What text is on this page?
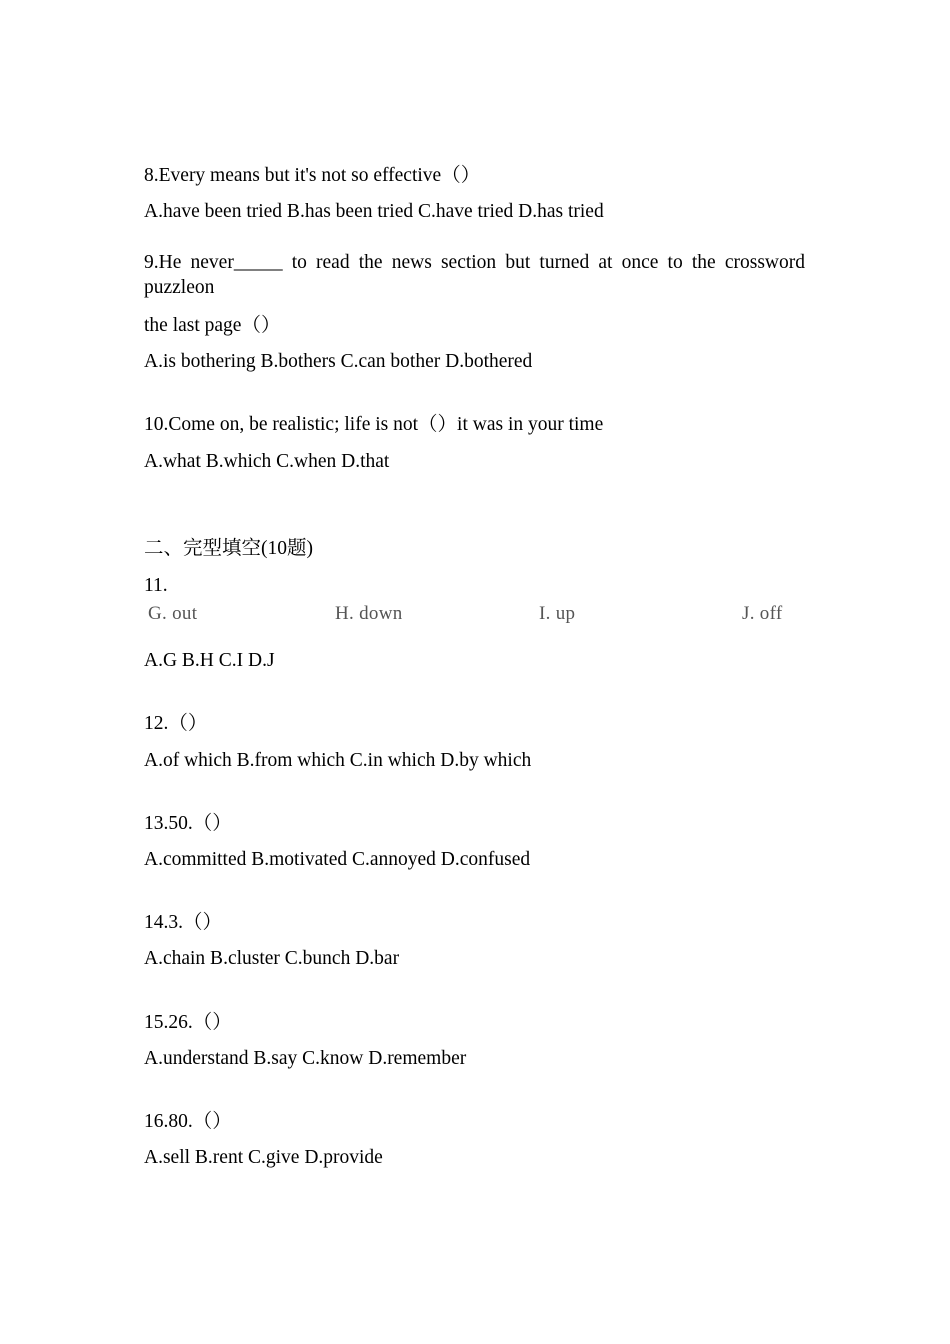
8.Every means but it's not so effective（）
A.have been tried B.has been tried C.have tried D.has tried
9.He never_____ to read the news section but turned at once to the crossword puzzleon
the last page（）
A.is bothering B.bothers C.can bother D.bothered
10.Come on, be realistic; life is not（）it was in your time
A.what B.which C.when D.that
二、完型填空(10题)
11.
G. out	H. down	I. up	J. off
A.G B.H C.I D.J
12.（）
A.of which B.from which C.in which D.by which
13.50.（）
A.committed B.motivated C.annoyed D.confused
14.3.（）
A.chain B.cluster C.bunch D.bar
15.26.（）
A.understand B.say C.know D.remember
16.80.（）
A.sell B.rent C.give D.provide
